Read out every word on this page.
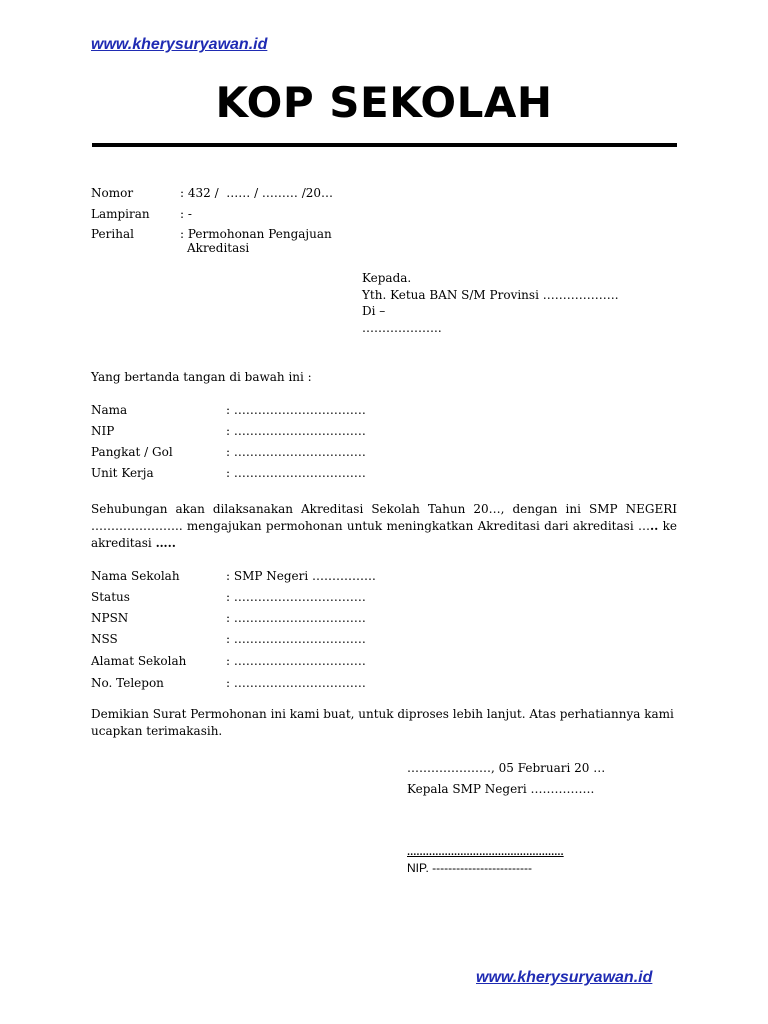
www.kherysuryawan.id
KOP SEKOLAH
Nomor	: 432 /  …… / ……… /20…
Lampiran	: -
Perihal	: Permohonan Pengajuan
Akreditasi
Kepada.
Yth. Ketua BAN S/M Provinsi ……………….
Di –
………………..
Yang bertanda tangan di bawah ini :
Nama	: ……………………………
NIP	: ……………………………
Pangkat / Gol	: ……………………………
Unit Kerja	: ……………………………
Sehubungan akan dilaksanakan Akreditasi Sekolah Tahun 20…, dengan ini SMP NEGERI ………………….. mengajukan permohonan untuk meningkatkan Akreditasi dari akreditasi ….. ke akreditasi …..
Nama Sekolah	: SMP Negeri …………….
Status	: ……………………………
NPSN	: ……………………………
NSS	: ……………………………
Alamat Sekolah	: ……………………………
No. Telepon	: ……………………………
Demikian Surat Permohonan ini kami buat, untuk diproses lebih lanjut. Atas perhatiannya kami ucapkan terimakasih.
…………………, 05 Februari 20 …
Kepala SMP Negeri …………….
..................................................
NIP. -------------------------
www.kherysuryawan.id
